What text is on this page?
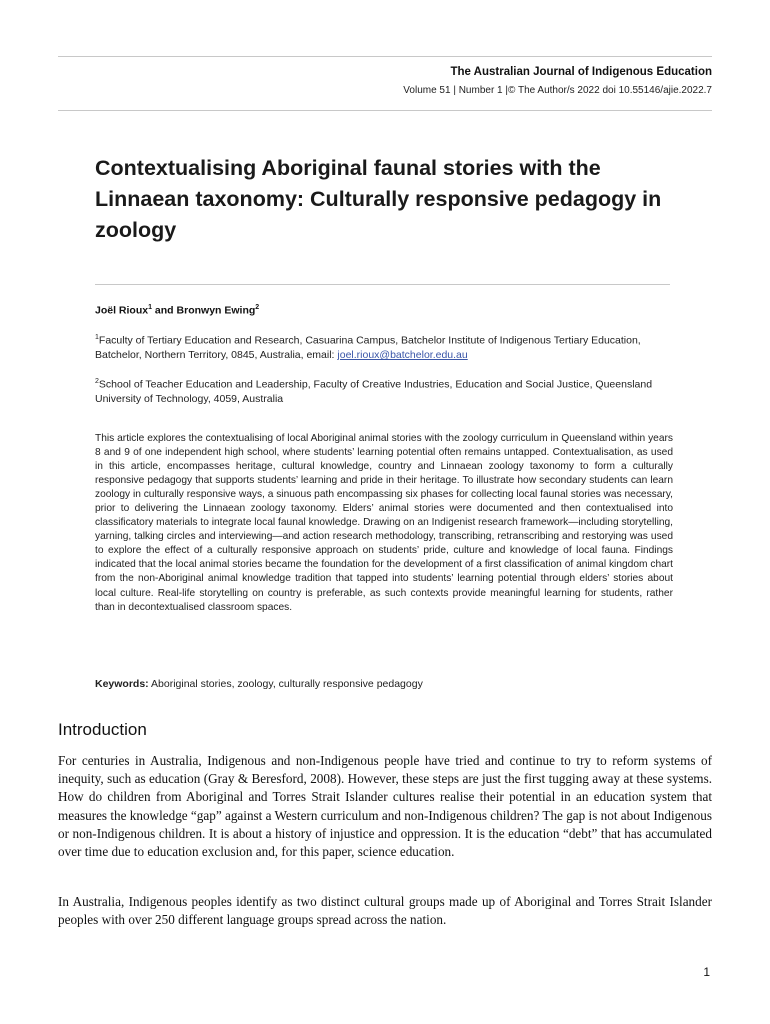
The Australian Journal of Indigenous Education
Volume 51 | Number 1 |© The Author/s 2022 doi 10.55146/ajie.2022.7
Contextualising Aboriginal faunal stories with the Linnaean taxonomy: Culturally responsive pedagogy in zoology
Joël Rioux$^1$ and Bronwyn Ewing$^2$
$^1$Faculty of Tertiary Education and Research, Casuarina Campus, Batchelor Institute of Indigenous Tertiary Education, Batchelor, Northern Territory, 0845, Australia, email: joel.rioux@batchelor.edu.au
$^2$School of Teacher Education and Leadership, Faculty of Creative Industries, Education and Social Justice, Queensland University of Technology, 4059, Australia

This article explores the contextualising of local Aboriginal animal stories with the zoology curriculum in Queensland within years 8 and 9 of one independent high school, where students’ learning potential often remains untapped. Contextualisation, as used in this article, encompasses heritage, cultural knowledge, country and Linnaean zoology taxonomy to form a culturally responsive pedagogy that supports students’ learning and pride in their heritage. To illustrate how secondary students can learn zoology in culturally responsive ways, a sinuous path encompassing six phases for collecting local faunal stories was necessary, prior to delivering the Linnaean zoology taxonomy. Elders’ animal stories were documented and then contextualised into classificatory materials to integrate local faunal knowledge. Drawing on an Indigenist research framework—including storytelling, yarning, talking circles and interviewing—and action research methodology, transcribing, retranscribing and restorying was used to explore the effect of a culturally responsive approach on students’ pride, culture and knowledge of local fauna. Findings indicated that the local animal stories became the foundation for the development of a first classification of animal kingdom chart from the non-Aboriginal animal knowledge tradition that tapped into students’ learning potential through elders’ stories about local culture. Real-life storytelling on country is preferable, as such contexts provide meaningful learning for students, rather than in decontextualised classroom spaces.

Keywords: Aboriginal stories, zoology, culturally responsive pedagogy
Introduction

For centuries in Australia, Indigenous and non-Indigenous people have tried and continue to try to reform systems of inequity, such as education (Gray & Beresford, 2008). However, these steps are just the first tugging away at these systems. How do children from Aboriginal and Torres Strait Islander cultures realise their potential in an education system that measures the knowledge “gap” against a Western curriculum and non-Indigenous children? The gap is not about Indigenous or non-Indigenous children. It is about a history of injustice and oppression. It is the education “debt” that has accumulated over time due to education exclusion and, for this paper, science education.

In Australia, Indigenous peoples identify as two distinct cultural groups made up of Aboriginal and Torres Strait Islander peoples with over 250 different language groups spread across the nation.

1
